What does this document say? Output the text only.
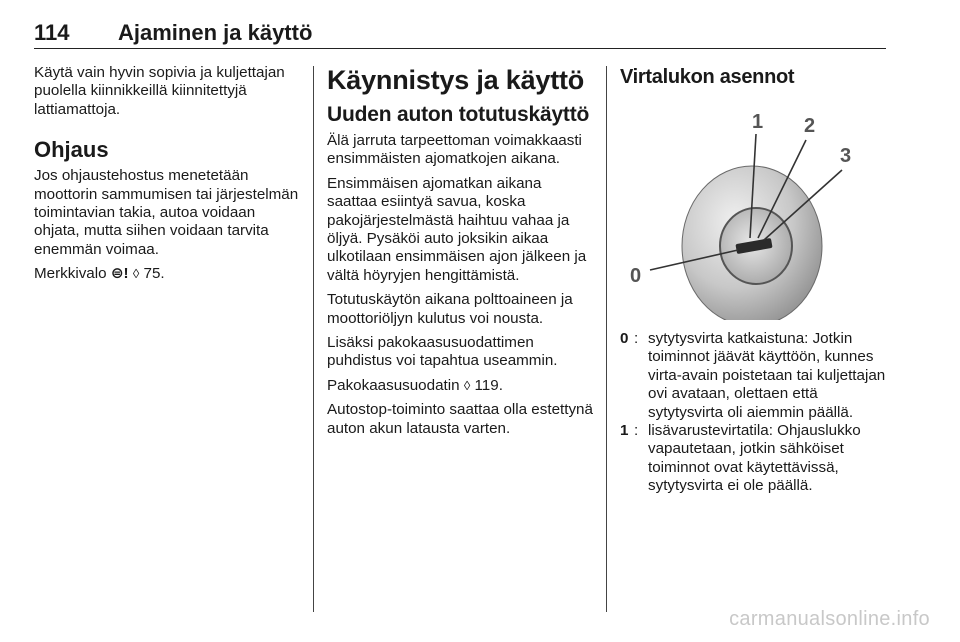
114 Ajaminen ja käyttö

Käytä vain hyvin sopivia ja kuljettajan puolella kiinnikkeillä kiinnitettyjä lattiamattoja.

Ohjaus

Jos ohjaustehostus menetetään moottorin sammumisen tai järjestelmän toimintavian takia, autoa voidaan ohjata, mutta siihen voidaan tarvita enemmän voimaa.

Merkkivalo ⊜! ◊ 75.

Käynnistys ja käyttö
Uuden auton totutuskäyttö

Älä jarruta tarpeettoman voimakkaasti ensimmäisten ajomatkojen aikana.

Ensimmäisen ajomatkan aikana saattaa esiintyä savua, koska pakojärjestelmästä haihtuu vahaa ja öljyä. Pysäköi auto joksikin aikaa ulkotilaan ensimmäisen ajon jälkeen ja vältä höyryjen hengittämistä.

Totutuskäytön aikana polttoaineen ja moottoriöljyn kulutus voi nousta.

Lisäksi pakokaasusuodattimen puhdistus voi tapahtua useammin.

Pakokaasusuodatin ◊ 119.

Autostop-toiminto saattaa olla estettynä auton akun latausta varten.

Virtalukon asennot
1 2
3
0
0 : sytytysvirta katkaistuna: Jotkin toiminnot jäävät käyttöön, kunnes virta-avain poistetaan tai kuljettajan ovi avataan, olettaen että sytytysvirta oli aiemmin päällä.
1 : lisävarustevirtatila: Ohjauslukko vapautetaan, jotkin sähköiset toiminnot ovat käytettävissä, sytytysvirta ei ole päällä.
carmanualsonline.info
